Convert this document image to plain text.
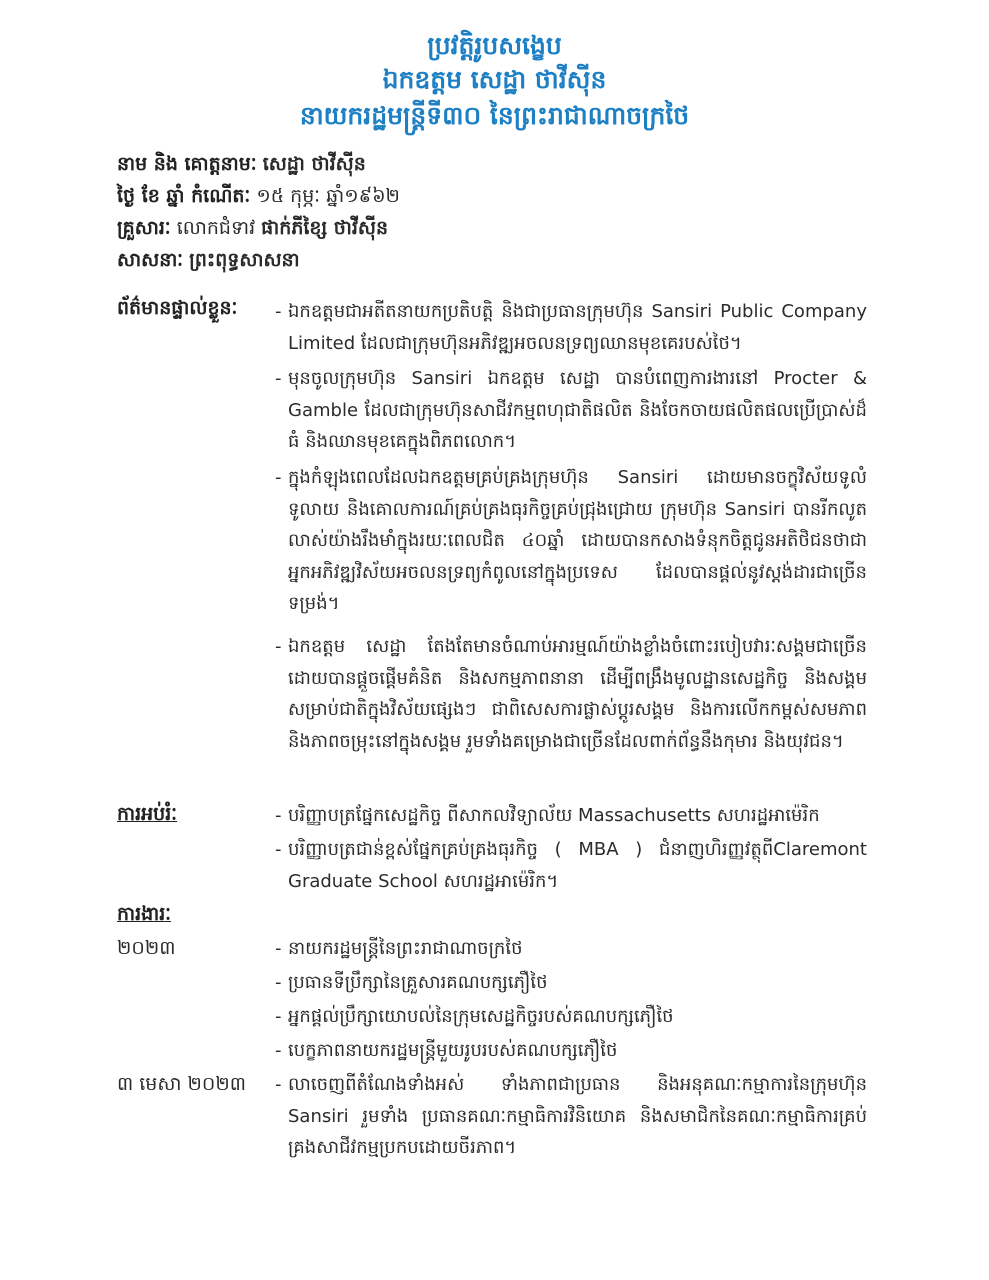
ប្រវត្តិរូបសង្ខេប
ឯកឧត្តម សេដ្ឋា ថាវីស៊ីន
នាយករដ្ឋមន្ត្រីទី៣០ នៃព្រះរាជាណាចក្រថៃ
នាម និង គោត្តនាមៈ សេដ្ឋា ថាវីស៊ីន
ថ្ងៃ ខែ ឆ្នាំ កំណើតៈ ១៥ កុម្ភៈ ឆ្នាំ១៩៦២
គ្រួសារៈ លោកជំទាវ ផាក់ភីខ្សៃ ថាវីស៊ីន
សាសនាៈ ព្រះពុទ្ធសាសនា
ព័ត៌មានផ្ទាល់ខ្លួនៈ - ឯកឧត្តមជាអតីតនាយកប្រតិបត្តិ និងជាប្រធានក្រុមហ៊ុន Sansiri Public Company Limited ដែលជាក្រុមហ៊ុនអភិវឌ្ឍអចលនទ្រព្យឈានមុខគេរបស់ថៃ។
- មុនចូលក្រុមហ៊ុន Sansiri ឯកឧត្តម សេដ្ឋា បានបំពេញការងារនៅ Procter & Gamble ដែលជាក្រុមហ៊ុនសាជីវកម្មពហុជាតិផលិត និងចែកចាយផលិតផលប្រើប្រាស់ដ៏ធំ និងឈានមុខគេក្នុងពិភពលោក។
- ក្នុងកំឡុងពេលដែលឯកឧត្តមគ្រប់គ្រងក្រុមហ៊ុន Sansiri ដោយមានចក្ខុវិស័យទូលំទូលាយ និងគោលការណ៍គ្រប់គ្រងធុរកិច្ចគ្រប់ជ្រុងជ្រោយ ក្រុមហ៊ុន Sansiri បានរីកលូតលាស់យ៉ាងរឹងមាំក្នុងរយៈពេលជិត ៤០ឆ្នាំ ដោយបានកសាងទំនុកចិត្តជូនអតិថិជនថាជាអ្នកអភិវឌ្ឍវិស័យអចលនទ្រព្យកំពូលនៅក្នុងប្រទេស ដែលបានផ្តល់នូវស្តង់ដារជាច្រើនទម្រង់។
- ឯកឧត្តម សេដ្ឋា តែងតែមានចំណាប់អារម្មណ៍យ៉ាងខ្លាំងចំពោះរបៀបវារៈសង្គមជាច្រើន ដោយបានផ្តួចផ្តើមគំនិត និងសកម្មភាពនានា ដើម្បីពង្រឹងមូលដ្ឋានសេដ្ឋកិច្ច និងសង្គមសម្រាប់ជាតិក្នុងវិស័យផ្សេងៗ ជាពិសេសការផ្លាស់ប្តូរសង្គម និងការលើកកម្ពស់សមភាពនិងភាពចម្រុះនៅក្នុងសង្គម រួមទាំងគម្រោងជាច្រើនដែលពាក់ព័ន្ធនឹងកុមារ និងយុវជន។
ការអប់រំៈ	- បរិញ្ញាបត្រផ្នែកសេដ្ឋកិច្ច ពីសាកលវិទ្យាល័យ Massachusetts សហរដ្ឋអាម៉េរិក
- បរិញ្ញាបត្រជាន់ខ្ពស់ផ្នែកគ្រប់គ្រងធុរកិច្ច ( MBA ) ជំនាញហិរញ្ញវត្ថុពីClaremont Graduate School សហរដ្ឋអាម៉េរិក។
ការងារៈ
២០២៣	- នាយករដ្ឋមន្ត្រីនៃព្រះរាជាណាចក្រថៃ
- ប្រធានទីប្រឹក្សានៃគ្រួសារគណបក្សភឿថៃ
- អ្នកផ្តល់ប្រឹក្សាយោបល់នៃក្រុមសេដ្ឋកិច្ចរបស់គណបក្សភឿថៃ
- បេក្ខភាពនាយករដ្ឋមន្ត្រីមួយរូបរបស់គណបក្សភឿថៃ
៣ មេសា ២០២៣ - លាចេញពីតំណែងទាំងអស់ ទាំងភាពជាប្រធាន និងអនុគណៈកម្មាការនៃក្រុមហ៊ុន Sansiri រួមទាំង ប្រធានគណៈកម្មាធិការវិនិយោគ និងសមាជិកនៃគណៈកម្មាធិការគ្រប់គ្រងសាជីវកម្មប្រកបដោយចីរភាព។
